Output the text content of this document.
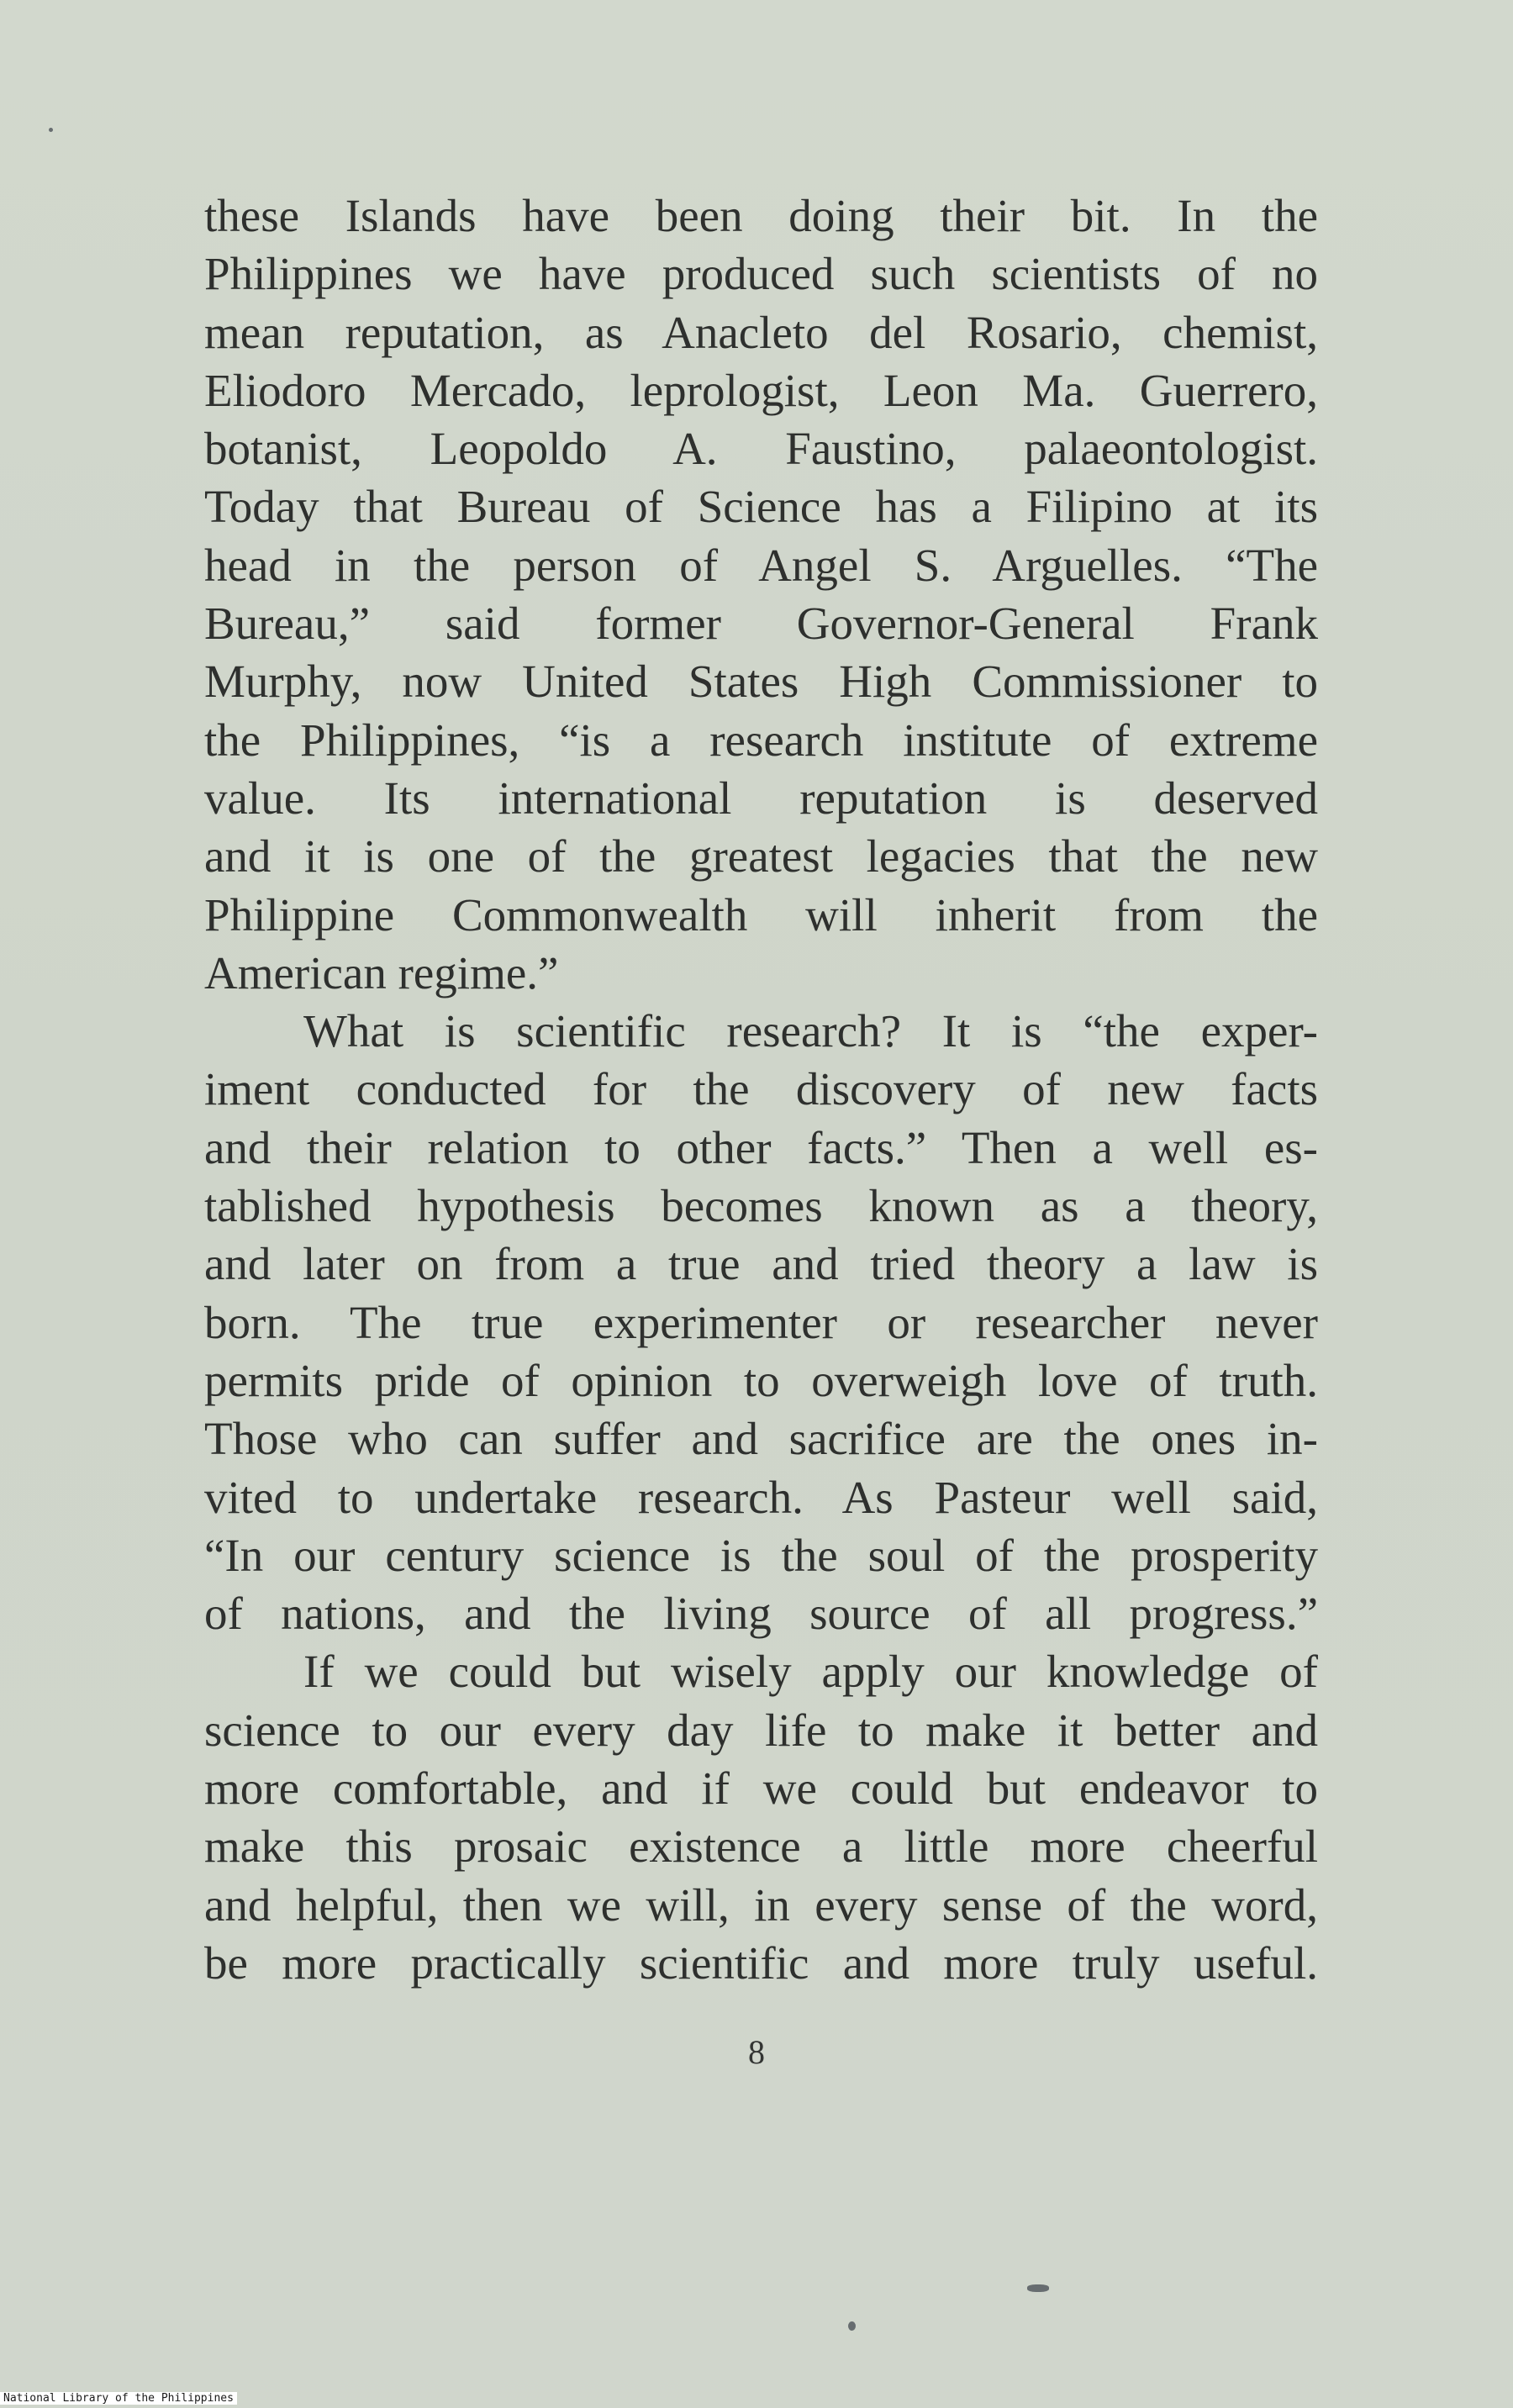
these Islands have been doing their bit. In the

Philippines we have produced such scientists of no

mean reputation, as Anacleto del Rosario, chemist,

Eliodoro Mercado, leprologist, Leon Ma. Guerrero,

botanist, Leopoldo A. Faustino, palaeontologist.

Today that Bureau of Science has a Filipino at its

head in the person of Angel S. Arguelles. “The

Bureau,” said former Governor-General Frank

Murphy, now United States High Commissioner to

the Philippines, “is a research institute of extreme

value. Its international reputation is deserved

and it is one of the greatest legacies that the new

Philippine Commonwealth will inherit from the

American regime.”

What is scientific research? It is “the exper-

iment conducted for the discovery of new facts

and their relation to other facts.” Then a well es-

tablished hypothesis becomes known as a theory,

and later on from a true and tried theory a law is

born. The true experimenter or researcher never

permits pride of opinion to overweigh love of truth.

Those who can suffer and sacrifice are the ones in-

vited to undertake research. As Pasteur well said,

“In our century science is the soul of the prosperity

of nations, and the living source of all progress.”

If we could but wisely apply our knowledge of

science to our every day life to make it better and

more comfortable, and if we could but endeavor to

make this prosaic existence a little more cheerful

and helpful, then we will, in every sense of the word,

be more practically scientific and more truly useful.

8
National Library of the Philippines
